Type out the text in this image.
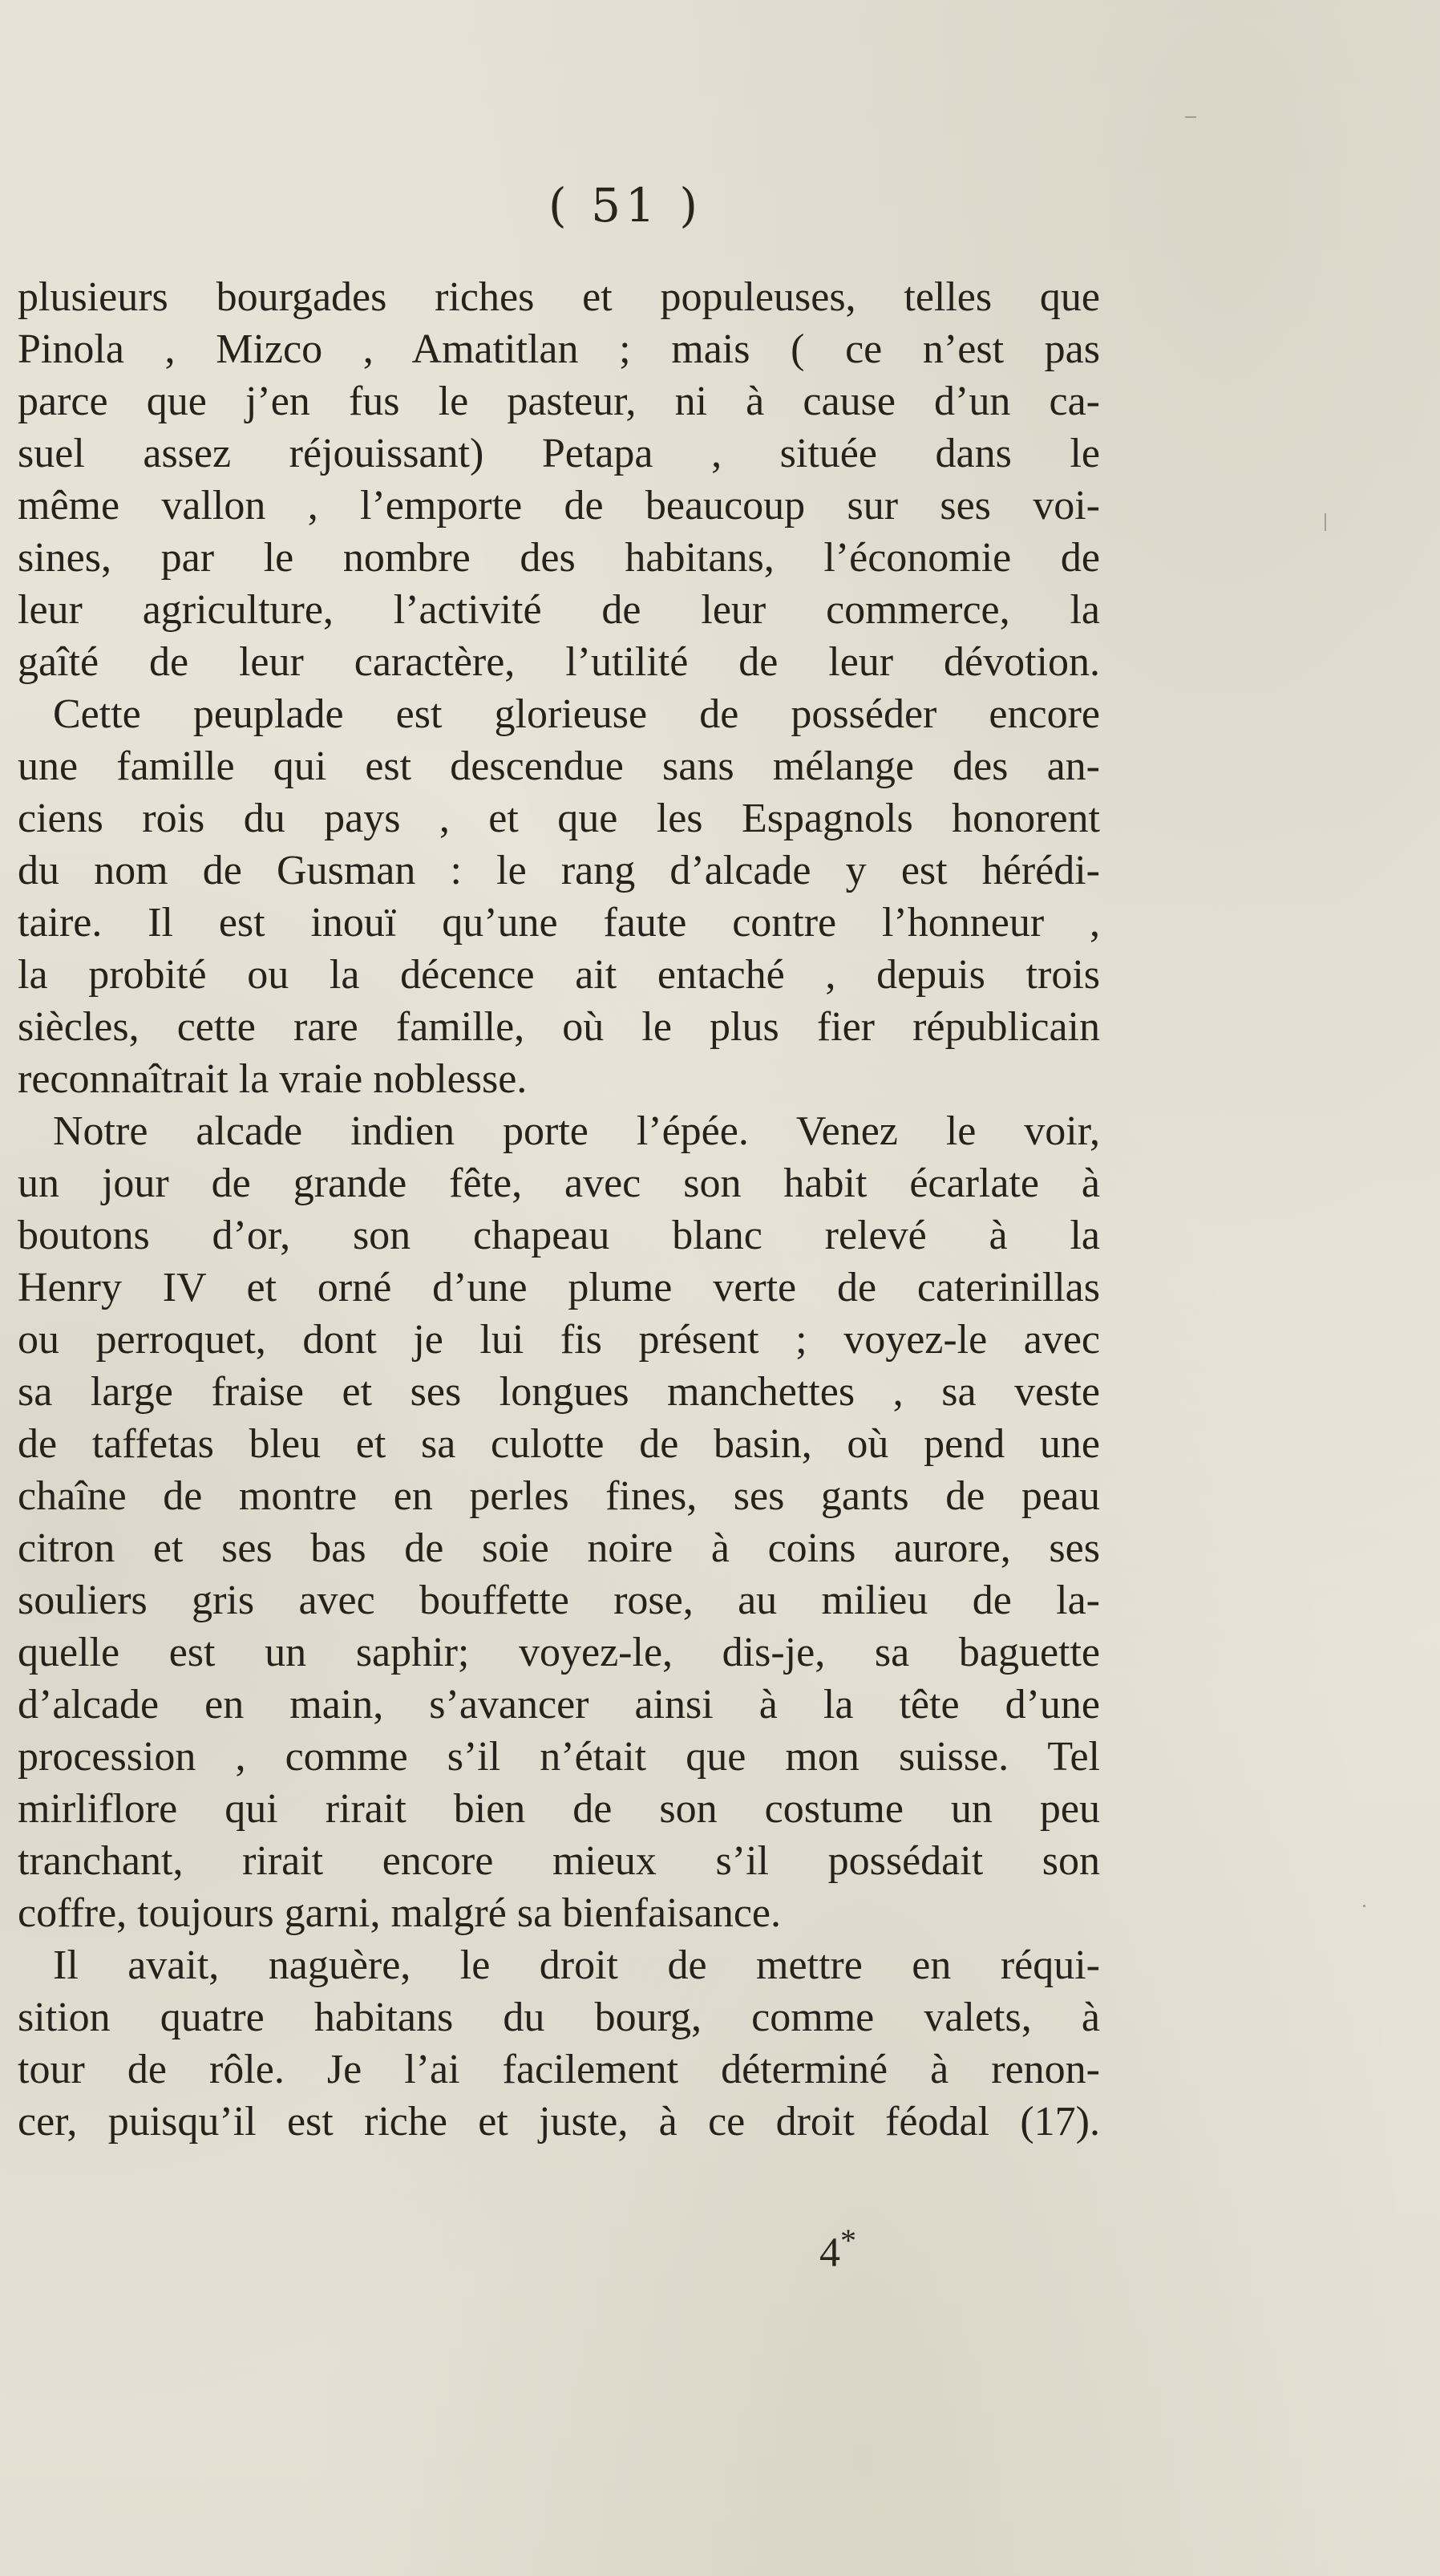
( 51 )
plusieurs bourgades riches et populeuses, telles que
Pinola , Mizco , Amatitlan ; mais ( ce n’est pas
parce que j’en fus le pasteur, ni à cause d’un ca-
suel assez réjouissant) Petapa , située dans le
même vallon , l’emporte de beaucoup sur ses voi-
sines, par le nombre des habitans, l’économie de
leur agriculture, l’activité de leur commerce, la
gaîté de leur caractère, l’utilité de leur dévotion.
Cette peuplade est glorieuse de posséder encore
une famille qui est descendue sans mélange des an-
ciens rois du pays , et que les Espagnols honorent
du nom de Gusman : le rang d’alcade y est hérédi-
taire. Il est inouï qu’une faute contre l’honneur ,
la probité ou la décence ait entaché , depuis trois
siècles, cette rare famille, où le plus fier républicain
reconnaîtrait la vraie noblesse.
Notre alcade indien porte l’épée. Venez le voir,
un jour de grande fête, avec son habit écarlate à
boutons d’or, son chapeau blanc relevé à la
Henry IV et orné d’une plume verte de caterinillas
ou perroquet, dont je lui fis présent ; voyez-le avec
sa large fraise et ses longues manchettes , sa veste
de taffetas bleu et sa culotte de basin, où pend une
chaîne de montre en perles fines, ses gants de peau
citron et ses bas de soie noire à coins aurore, ses
souliers gris avec bouffette rose, au milieu de la-
quelle est un saphir; voyez-le, dis-je, sa baguette
d’alcade en main, s’avancer ainsi à la tête d’une
procession , comme s’il n’était que mon suisse. Tel
mirliflore qui rirait bien de son costume un peu
tranchant, rirait encore mieux s’il possédait son
coffre, toujours garni, malgré sa bienfaisance.
Il avait, naguère, le droit de mettre en réqui-
sition quatre habitans du bourg, comme valets, à
tour de rôle. Je l’ai facilement déterminé à renon-
cer, puisqu’il est riche et juste, à ce droit féodal (17).
4*
